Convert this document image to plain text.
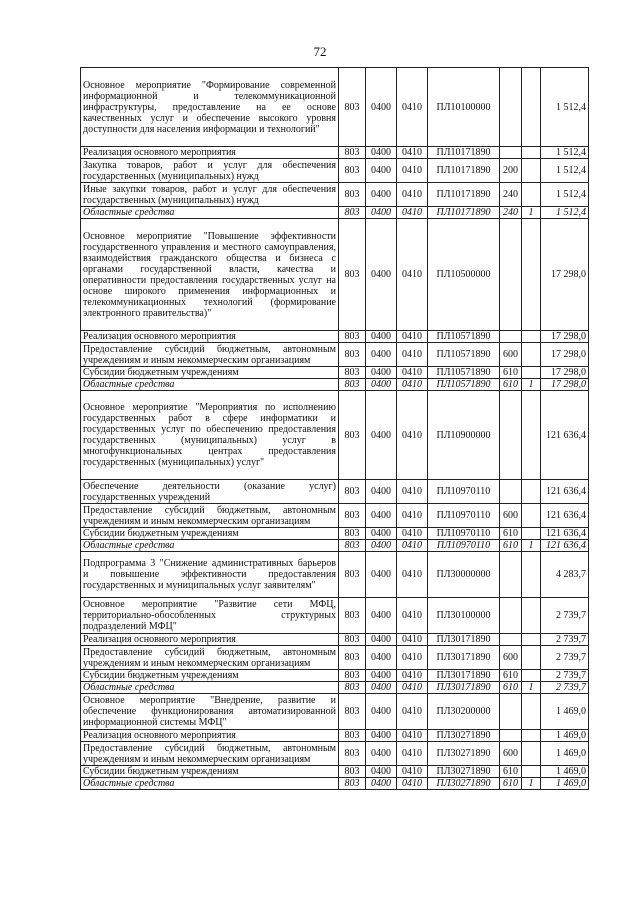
72
Основное мероприятие "Формирование современной информационной и телекоммуникационной инфраструктуры, предоставление на ее основе качественных услуг и обеспечение высокого уровня доступности для населения информации и технологий"	803	0400	0410	ПЛ10100000			1 512,4
Реализация основного мероприятия	803	0400	0410	ПЛ10171890			1 512,4
Закупка товаров, работ и услуг для обеспечения государственных (муниципальных) нужд	803	0400	0410	ПЛ10171890	200		1 512,4
Иные закупки товаров, работ и услуг для обеспечения государственных (муниципальных) нужд	803	0400	0410	ПЛ10171890	240		1 512,4
Областные средства	803	0400	0410	ПЛ10171890	240	1	1 512,4
Основное мероприятие "Повышение эффективности государственного управления и местного самоуправления, взаимодействия гражданского общества и бизнеса с органами государственной власти, качества и оперативности предоставления государственных услуг на основе широкого применения информационных и телекоммуникационных технологий (формирование электронного правительства)"	803	0400	0410	ПЛ10500000			17 298,0
Реализация основного мероприятия	803	0400	0410	ПЛ10571890			17 298,0
Предоставление субсидий бюджетным, автономным учреждениям и иным некоммерческим организациям	803	0400	0410	ПЛ10571890	600		17 298,0
Субсидии бюджетным учреждениям	803	0400	0410	ПЛ10571890	610		17 298,0
Областные средства	803	0400	0410	ПЛ10571890	610	1	17 298,0
Основное мероприятие "Мероприятия по исполнению государственных работ в сфере информатики и государственных услуг по обеспечению предоставления государственных (муниципальных) услуг в многофункциональных центрах предоставления государственных (муниципальных) услуг"	803	0400	0410	ПЛ10900000			121 636,4
Обеспечение деятельности (оказание услуг) государственных учреждений	803	0400	0410	ПЛ10970110			121 636,4
Предоставление субсидий бюджетным, автономным учреждениям и иным некоммерческим организациям	803	0400	0410	ПЛ10970110	600		121 636,4
Субсидии бюджетным учреждениям	803	0400	0410	ПЛ10970110	610		121 636,4
Областные средства	803	0400	0410	ПЛ10970110	610	1	121 636,4
Подпрограмма 3 "Снижение административных барьеров и повышение эффективности предоставления государственных и муниципальных услуг заявителям"	803	0400	0410	ПЛ30000000			4 283,7
Основное мероприятие "Развитие сети МФЦ, территориально-обособленных структурных подразделений МФЦ"	803	0400	0410	ПЛ30100000			2 739,7
Реализация основного мероприятия	803	0400	0410	ПЛ30171890			2 739,7
Предоставление субсидий бюджетным, автономным учреждениям и иным некоммерческим организациям	803	0400	0410	ПЛ30171890	600		2 739,7
Субсидии бюджетным учреждениям	803	0400	0410	ПЛ30171890	610		2 739,7
Областные средства	803	0400	0410	ПЛ30171890	610	1	2 739,7
Основное мероприятие "Внедрение, развитие и обеспечение функционирования автоматизированной информационной системы МФЦ"	803	0400	0410	ПЛ30200000			1 469,0
Реализация основного мероприятия	803	0400	0410	ПЛ30271890			1 469,0
Предоставление субсидий бюджетным, автономным учреждениям и иным некоммерческим организациям	803	0400	0410	ПЛ30271890	600		1 469,0
Субсидии бюджетным учреждениям	803	0400	0410	ПЛ30271890	610		1 469,0
Областные средства	803	0400	0410	ПЛ30271890	610	1	1 469,0
